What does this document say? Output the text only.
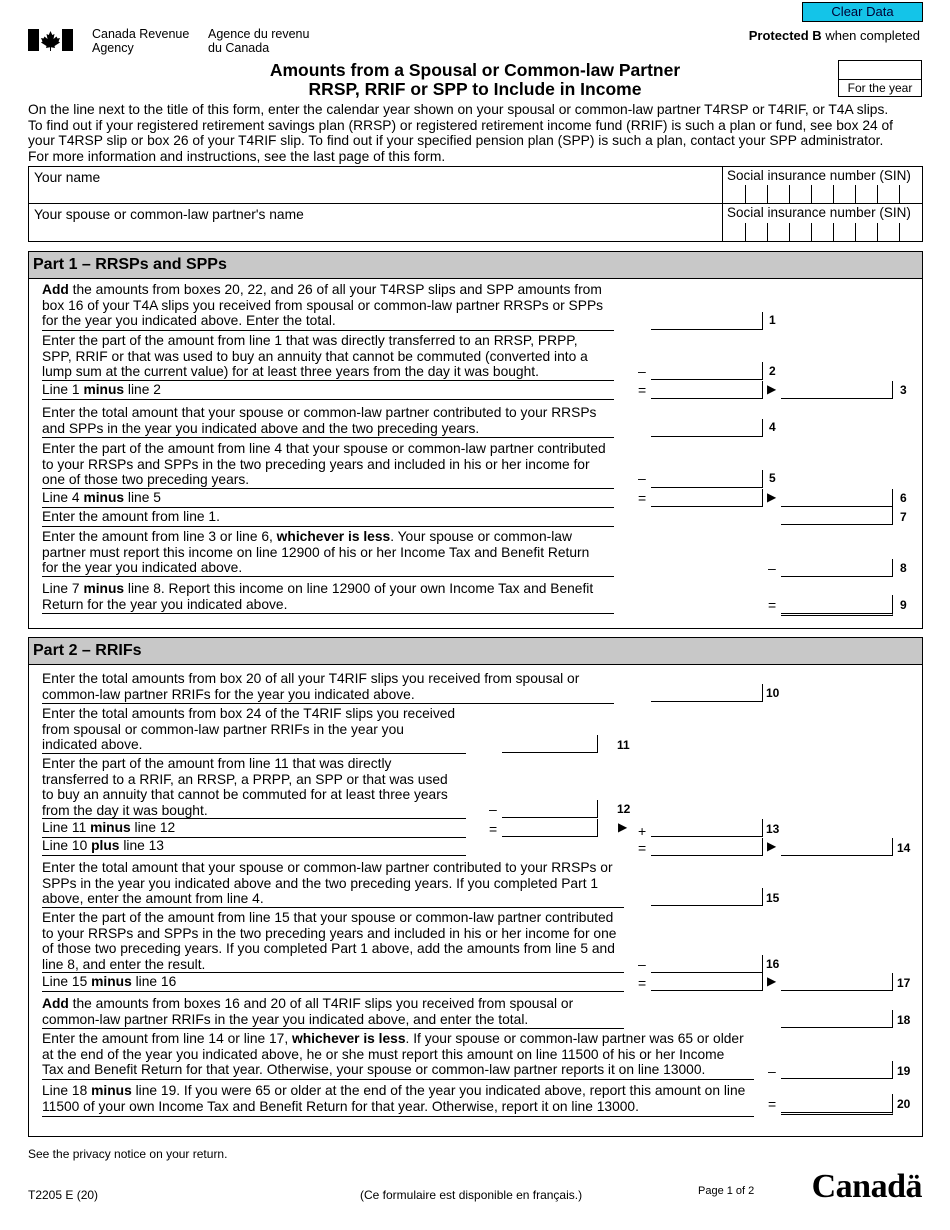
Clear Data
Canada Revenue
Agency
Agence du revenu
du Canada
Protected B when completed
Amounts from a Spousal or Common-law Partner
RRSP, RRIF or SPP to Include in Income	For the year
On the line next to the title of this form, enter the calendar year shown on your spousal or common-law partner T4RSP or T4RIF, or T4A slips.
To find out if your registered retirement savings plan (RRSP) or registered retirement income fund (RRIF) is such a plan or fund, see box 24 of
your T4RSP slip or box 26 of your T4RIF slip. To find out if your specified pension plan (SPP) is such a plan, contact your SPP administrator.
For more information and instructions, see the last page of this form.
Your name	Social insurance number (SIN)
Your spouse or common-law partner's name	Social insurance number (SIN)
Part 1 – RRSPs and SPPs
Add the amounts from boxes 20, 22, and 26 of all your T4RSP slips and SPP amounts from
box 16 of your T4A slips you received from spousal or common-law partner RRSPs or SPPs
for the year you indicated above. Enter the total.	1
Enter the part of the amount from line 1 that was directly transferred to an RRSP, PRPP,
SPP, RRIF or that was used to buy an annuity that cannot be commuted (converted into a
lump sum at the current value) for at least three years from the day it was bought.	–	2
Line 1 minus line 2	=	▶	3
Enter the total amount that your spouse or common-law partner contributed to your RRSPs
and SPPs in the year you indicated above and the two preceding years.	4
Enter the part of the amount from line 4 that your spouse or common-law partner contributed
to your RRSPs and SPPs in the two preceding years and included in his or her income for
one of those two preceding years.	–	5
Line 4 minus line 5	=	▶	6
Enter the amount from line 1.	7
Enter the amount from line 3 or line 6, whichever is less. Your spouse or common-law
partner must report this income on line 12900 of his or her Income Tax and Benefit Return
for the year you indicated above.	–	8
Line 7 minus line 8. Report this income on line 12900 of your own Income Tax and Benefit
Return for the year you indicated above.	=	9
Part 2 – RRIFs
Enter the total amounts from box 20 of all your T4RIF slips you received from spousal or
common-law partner RRIFs for the year you indicated above.	10
Enter the total amounts from box 24 of the T4RIF slips you received
from spousal or common-law partner RRIFs in the year you
indicated above.	11
Enter the part of the amount from line 11 that was directly
transferred to a RRIF, an RRSP, a PRPP, an SPP or that was used
to buy an annuity that cannot be commuted for at least three years
from the day it was bought.	–	12
Line 11 minus line 12	=	▶ +	13
Line 10 plus line 13	=	▶	14
Enter the total amount that your spouse or common-law partner contributed to your RRSPs or
SPPs in the year you indicated above and the two preceding years. If you completed Part 1
above, enter the amount from line 4.	15
Enter the part of the amount from line 15 that your spouse or common-law partner contributed
to your RRSPs and SPPs in the two preceding years and included in his or her income for one
of those two preceding years. If you completed Part 1 above, add the amounts from line 5 and
line 8, and enter the result.	–	16
Line 15 minus line 16	=	▶	17
Add the amounts from boxes 16 and 20 of all T4RIF slips you received from spousal or
common-law partner RRIFs in the year you indicated above, and enter the total.	18
Enter the amount from line 14 or line 17, whichever is less. If your spouse or common-law partner was 65 or older
at the end of the year you indicated above, he or she must report this amount on line 11500 of his or her Income
Tax and Benefit Return for that year. Otherwise, your spouse or common-law partner reports it on line 13000.	–	19
Line 18 minus line 19. If you were 65 or older at the end of the year you indicated above, report this amount on line
11500 of your own Income Tax and Benefit Return for that year. Otherwise, report it on line 13000.	=	20
See the privacy notice on your return.
T2205 E (20)	(Ce formulaire est disponible en français.)	Page 1 of 2 Canadä
